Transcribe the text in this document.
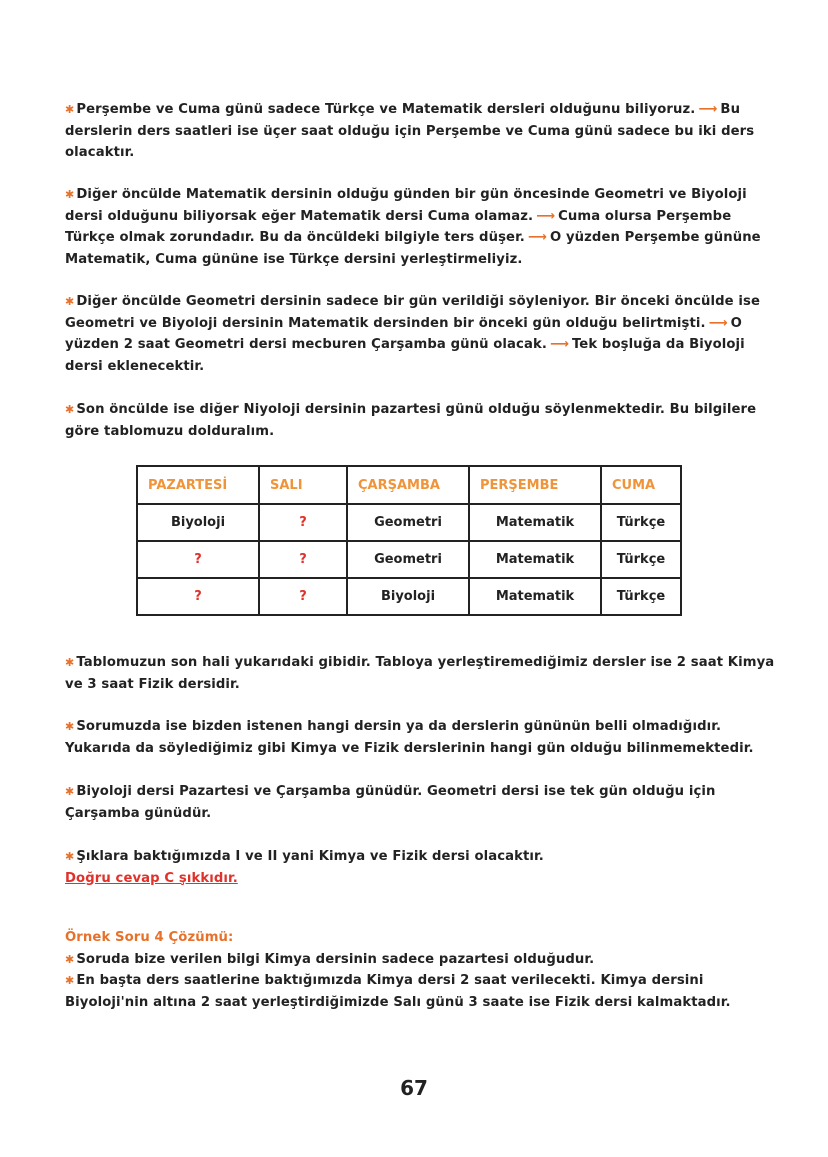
✱ Perşembe ve Cuma günü sadece Türkçe ve Matematik dersleri olduğunu biliyoruz. ⟶ Bu derslerin ders saatleri ise üçer saat olduğu için Perşembe ve Cuma günü sadece bu iki ders olacaktır.
✱ Diğer öncülde Matematik dersinin olduğu günden bir gün öncesinde Geometri ve Biyoloji dersi olduğunu biliyorsak eğer Matematik dersi Cuma olamaz. ⟶ Cuma olursa Perşembe Türkçe olmak zorundadır. Bu da öncüldeki bilgiyle ters düşer. ⟶ O yüzden Perşembe gününe Matematik, Cuma gününe ise Türkçe dersini yerleştirmeliyiz.
✱ Diğer öncülde Geometri dersinin sadece bir gün verildiği söyleniyor. Bir önceki öncülde ise Geometri ve Biyoloji dersinin Matematik dersinden bir önceki gün olduğu belirtmişti. ⟶ O yüzden 2 saat Geometri dersi mecburen Çarşamba günü olacak. ⟶ Tek boşluğa da Biyoloji dersi eklenecektir.
✱ Son öncülde ise diğer Niyoloji dersinin pazartesi günü olduğu söylenmektedir. Bu bilgilere göre tablomuzu dolduralım.
PAZARTESİ	SALI	ÇARŞAMBA	PERŞEMBE	CUMA
Biyoloji	?	Geometri	Matematik	Türkçe
?	?	Geometri	Matematik	Türkçe
?	?	Biyoloji	Matematik	Türkçe
✱ Tablomuzun son hali yukarıdaki gibidir. Tabloya yerleştiremediğimiz dersler ise 2 saat Kimya ve 3 saat Fizik dersidir.
✱ Sorumuzda ise bizden istenen hangi dersin ya da derslerin gününün belli olmadığıdır. Yukarıda da söylediğimiz gibi Kimya ve Fizik derslerinin hangi gün olduğu bilinmemektedir.
✱ Biyoloji dersi Pazartesi ve Çarşamba günüdür. Geometri dersi ise tek gün olduğu için Çarşamba günüdür.
✱ Şıklara baktığımızda I ve II yani Kimya ve Fizik dersi olacaktır.
Doğru cevap C şıkkıdır.
Örnek Soru 4 Çözümü:
✱ Soruda bize verilen bilgi Kimya dersinin sadece pazartesi olduğudur.
✱ En başta ders saatlerine baktığımızda Kimya dersi 2 saat verilecekti. Kimya dersini Biyoloji'nin altına 2 saat yerleştirdiğimizde Salı günü 3 saate ise Fizik dersi kalmaktadır.
67
